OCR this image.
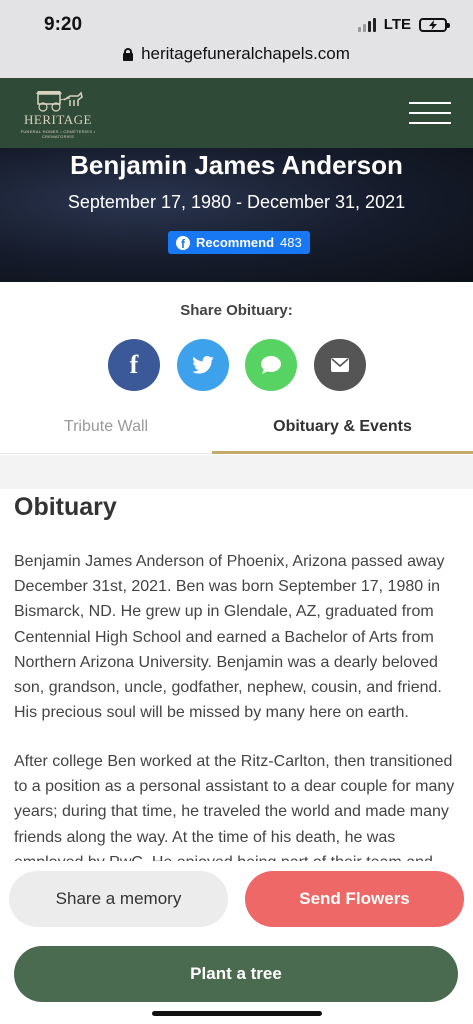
9:20	LTE
heritagefuneralchapels.com
HERITAGE
FUNERAL HOMES • CEMETERIES • CREMATORIES
Benjamin James Anderson
September 17, 1980 - December 31, 2021
f Recommend 483
Share Obituary:
f
Tribute Wall	Obituary & Events
Obituary

Benjamin James Anderson of Phoenix, Arizona passed away December 31st, 2021. Ben was born September 17, 1980 in Bismarck, ND. He grew up in Glendale, AZ, graduated from Centennial High School and earned a Bachelor of Arts from Northern Arizona University. Benjamin was a dearly beloved son, grandson, uncle, godfather, nephew, cousin, and friend. His precious soul will be missed by many here on earth.

After college Ben worked at the Ritz-Carlton, then transitioned to a position as a personal assistant to a dear couple for many years; during that time, he traveled the world and made many friends along the way. At the time of his death, he was

Share a memory	Send Flowers
Plant a tree
